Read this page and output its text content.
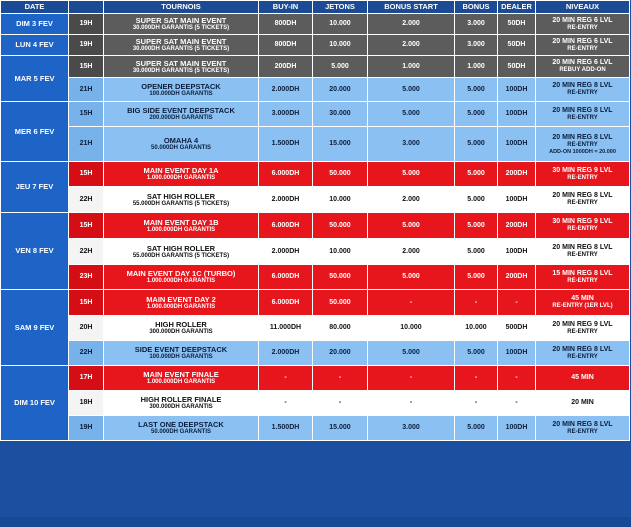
DATE		TOURNOIS	BUY-IN	JETONS	BONUS START	BONUS	DEALER	NIVEAUX
DIM 3 FEV	19H	SUPER SAT MAIN EVENT
30.000DH GARANTIS (5 TICKETS)	800DH	10.000	2.000	3.000	50DH	20 MIN REG 6 LVL
RE-ENTRY

LUN 4 FEV	19H	SUPER SAT MAIN EVENT
30.000DH GARANTIS (5 TICKETS)	800DH	10.000	2.000	3.000	50DH	20 MIN REG 6 LVL
RE-ENTRY

MAR 5 FEV	15H	SUPER SAT MAIN EVENT
30.000DH GARANTIS (5 TICKETS)	200DH	5.000	1.000	1.000	50DH	20 MIN REG 6 LVL
REBUY ADD-ON

	21H	OPENER DEEPSTACK
100.000DH GARANTIS	2.000DH	20.000	5.000	5.000	100DH	20 MIN REG 8 LVL
RE-ENTRY

MER 6 FEV	15H	BIG SIDE EVENT DEEPSTACK
200.000DH GARANTIS	3.000DH	30.000	5.000	5.000	100DH	20 MIN REG 8 LVL
RE-ENTRY

	21H	OMAHA 4
50.000DH GARANTIS	1.500DH	15.000	3.000	5.000	100DH	20 MIN REG 8 LVL
RE-ENTRY
ADD-ON 1000DH = 20.000

JEU 7 FEV	15H	MAIN EVENT DAY 1A
1.000.000DH GARANTIS	6.000DH	50.000	5.000	5.000	200DH	30 MIN REG 9 LVL
RE-ENTRY

	22H	SAT HIGH ROLLER
55.000DH GARANTIS (5 TICKETS)	2.000DH	10.000	2.000	5.000	100DH	20 MIN REG 8 LVL
RE-ENTRY

VEN 8 FEV	15H	MAIN EVENT DAY 1B
1.000.000DH GARANTIS	6.000DH	50.000	5.000	5.000	200DH	30 MIN REG 9 LVL
RE-ENTRY

	22H	SAT HIGH ROLLER
55.000DH GARANTIS (5 TICKETS)	2.000DH	10.000	2.000	5.000	100DH	20 MIN REG 8 LVL
RE-ENTRY

	23H	MAIN EVENT DAY 1C (TURBO)
1.000.000DH GARANTIS	6.000DH	50.000	5.000	5.000	200DH	15 MIN REG 8 LVL
RE-ENTRY

SAM 9 FEV	15H	MAIN EVENT DAY 2
1.000.000DH GARANTIS	6.000DH	50.000	-	-	-	45 MIN
RE-ENTRY (1ER LVL)

	20H	HIGH ROLLER
300.000DH GARANTIS	11.000DH	80.000	10.000	10.000	500DH	20 MIN REG 9 LVL
RE-ENTRY

	22H	SIDE EVENT DEEPSTACK
100.000DH GARANTIS	2.000DH	20.000	5.000	5.000	100DH	20 MIN REG 8 LVL
RE-ENTRY

DIM 10 FEV	17H	MAIN EVENT FINALE
1.000.000DH GARANTIS	-	-	-	-	-	45 MIN

	18H	HIGH ROLLER FINALE
300.000DH GARANTIS	-	-	-	-	-	20 MIN

	19H	LAST ONE DEEPSTACK
50.000DH GARANTIS	1.500DH	15.000	3.000	5.000	100DH	20 MIN REG 8 LVL
RE-ENTRY
